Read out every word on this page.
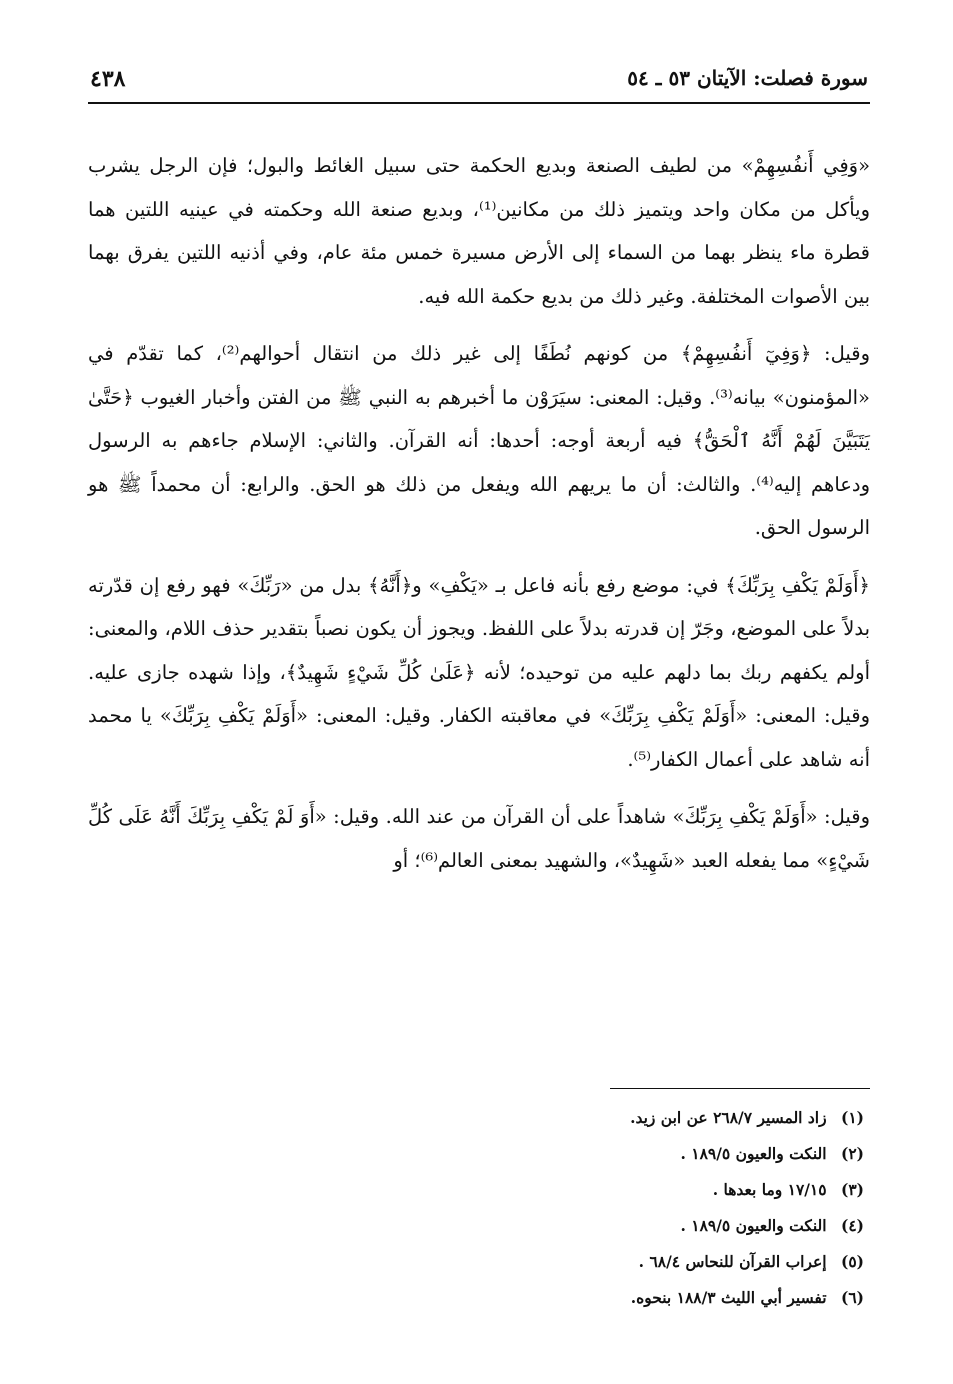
سورة فصلت: الآيتان ٥٣ ـ ٥٤
٤٣٨

«وَفِي أَنفُسِهِمْ» من لطيف الصنعة وبديع الحكمة حتى سبيل الغائط والبول؛ فإن الرجل يشرب ويأكل من مكان واحد ويتميز ذلك من مكانين⁽¹⁾، وبديع صنعة الله وحكمته في عينيه اللتين هما قطرة ماء ينظر بهما من السماء إلى الأرض مسيرة خمس مئة عام، وفي أذنيه اللتين يفرق بهما بين الأصوات المختلفة. وغير ذلك من بديع حكمة الله فيه.

وقيل: ﴿وَفِيٓ أَنفُسِهِمْ﴾ من كونهم نُطَفًا إلى غير ذلك من انتقال أحوالهم⁽²⁾، كما تقدّم في «المؤمنون» بيانه⁽³⁾. وقيل: المعنى: سيَرَوْن ما أخبرهم به النبي ﷺ من الفتن وأخبار الغيوب ﴿حَتَّىٰ يَتَبَيَّنَ لَهُمْ أَنَّهُ ٱلْحَقُّ﴾ فيه أربعة أوجه: أحدها: أنه القرآن. والثاني: الإسلام جاءهم به الرسول ودعاهم إليه⁽⁴⁾. والثالث: أن ما يريهم الله ويفعل من ذلك هو الحق. والرابع: أن محمداً ﷺ هو الرسول الحق.

﴿أَوَلَمْ يَكْفِ بِرَبِّكَ﴾ في: موضع رفع بأنه فاعل بـ «يَكْفِ» و﴿أَنَّهُ﴾ بدل من «رَبِّكَ» فهو رفع إن قدّرته بدلاً على الموضع، وجَرّ إن قدرته بدلاً على اللفظ. ويجوز أن يكون نصباً بتقدير حذف اللام، والمعنى: أولم يكفهم ربك بما دلهم عليه من توحيده؛ لأنه ﴿عَلَىٰ كُلِّ شَيْءٍ شَهِيدٌ﴾، وإذا شهده جازى عليه. وقيل: المعنى: «أَوَلَمْ يَكْفِ بِرَبِّكَ» في معاقبته الكفار. وقيل: المعنى: «أَوَلَمْ يَكْفِ بِرَبِّكَ» يا محمد أنه شاهد على أعمال الكفار⁽⁵⁾.

وقيل: «أَوَلَمْ يَكْفِ بِرَبِّكَ» شاهداً على أن القرآن من عند الله. وقيل: «أَوَ لَمْ يَكْفِ بِرَبِّكَ أَنَّهُ عَلَى كُلِّ شَيْءٍ» مما يفعله العبد «شَهِيدٌ»، والشهيد بمعنى العالم⁽⁶⁾؛ أو

(١) زاد المسير ٢٦٨/٧ عن ابن زيد.
(٢) النكت والعيون ١٨٩/٥ .
(٣) ١٧/١٥ وما بعدها .
(٤) النكت والعيون ١٨٩/٥ .
(٥) إعراب القرآن للنحاس ٦٨/٤ .
(٦) تفسير أبي الليث ١٨٨/٣ بنحوه.
